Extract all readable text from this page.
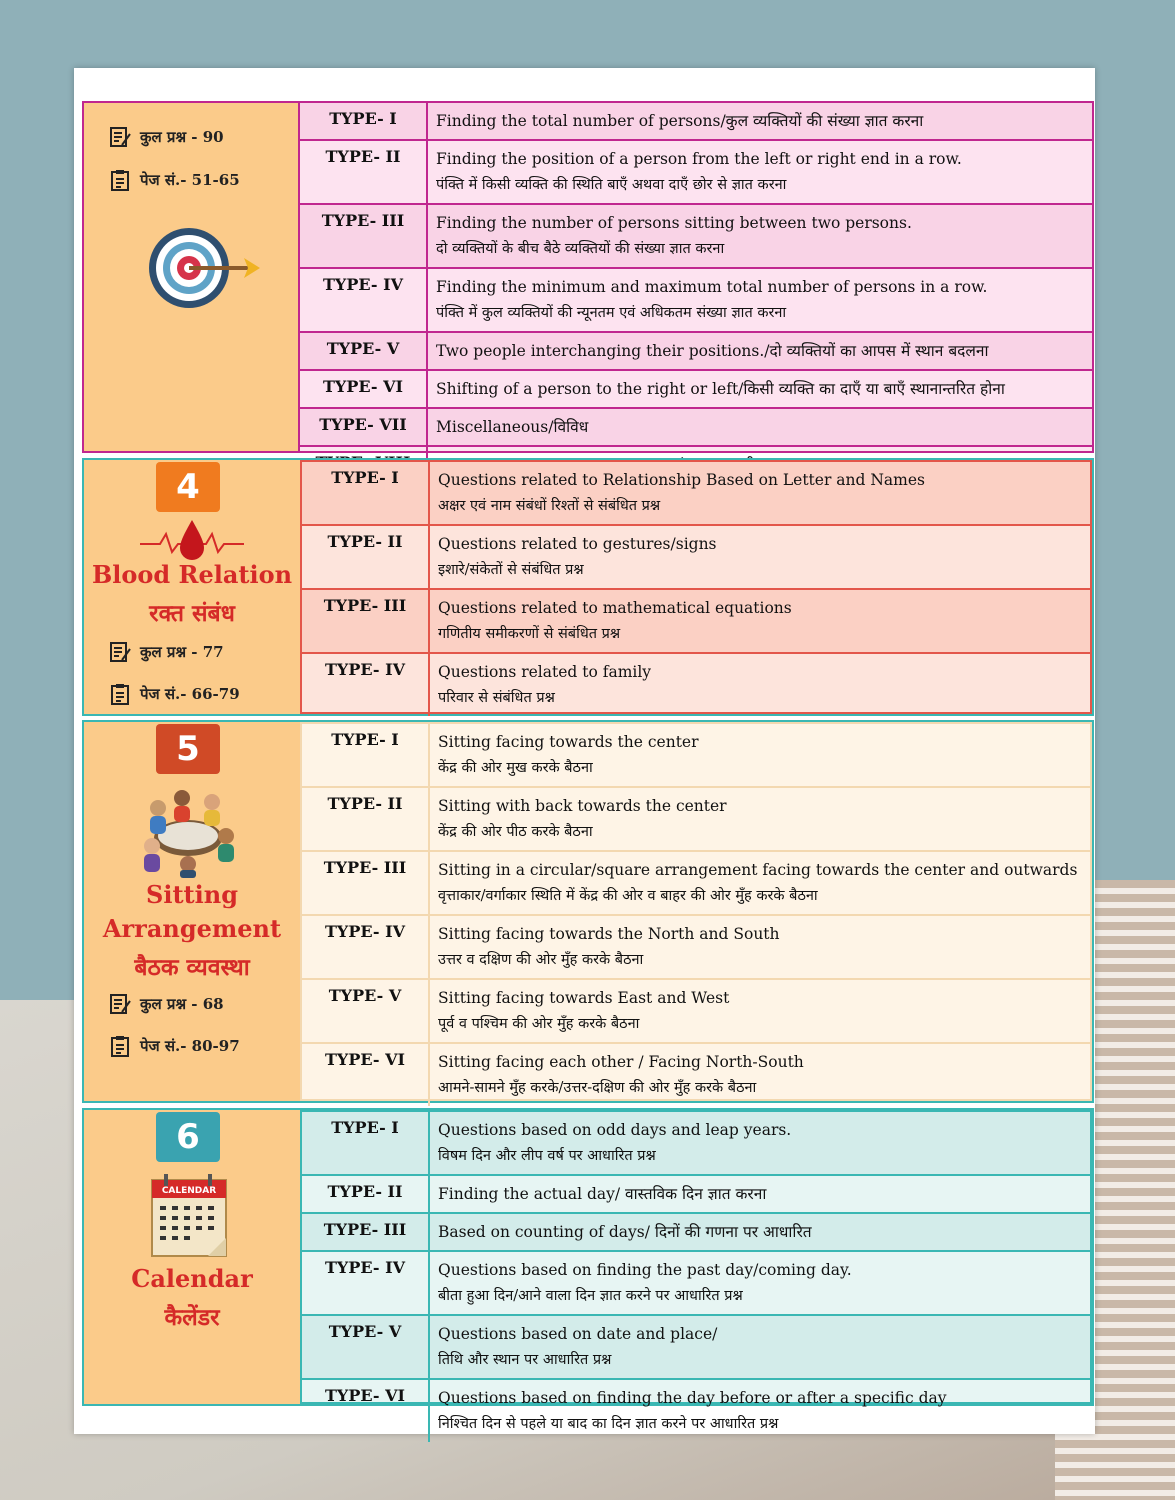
कुल प्रश्न - 90
पेज सं.- 51-65
TYPE- I	Finding the total number of persons/कुल व्यक्तियों की संख्या ज्ञात करना
TYPE- II	Finding the position of a person from the left or right end in a row.
पंक्ति में किसी व्यक्ति की स्थिति बाएँ अथवा दाएँ छोर से ज्ञात करना
TYPE- III	Finding the number of persons sitting between two persons.
दो व्यक्तियों के बीच बैठे व्यक्तियों की संख्या ज्ञात करना
TYPE- IV	Finding the minimum and maximum total number of persons in a row.
पंक्ति में कुल व्यक्तियों की न्यूनतम एवं अधिकतम संख्या ज्ञात करना
TYPE- V	Two people interchanging their positions./दो व्यक्तियों का आपस में स्थान बदलना
TYPE- VI	Shifting of a person to the right or left/किसी व्यक्ति का दाएँ या बाएँ स्थानान्तरित होना
TYPE- VII	Miscellaneous/विविध
4
Blood Relation
रक्त संबंध
कुल प्रश्न - 77
पेज सं.- 66-79
TYPE- I	Questions related to Relationship Based on Letter and Names
अक्षर एवं नाम संबंधों रिश्तों से संबंधित प्रश्न
TYPE- II	Questions related to gestures/signs
इशारे/संकेतों से संबंधित प्रश्न
TYPE- III	Questions related to mathematical equations
गणितीय समीकरणों से संबंधित प्रश्न
TYPE- IV	Questions related to family
परिवार से संबंधित प्रश्न
5
Sitting
Arrangement
बैठक व्यवस्था
कुल प्रश्न - 68
पेज सं.- 80-97
TYPE- I	Sitting facing towards the center
केंद्र की ओर मुख करके बैठना
TYPE- II	Sitting with back towards the center
केंद्र की ओर पीठ करके बैठना
TYPE- III	Sitting in a circular/square arrangement facing towards the center and outwards
वृत्ताकार/वर्गाकार स्थिति में केंद्र की ओर व बाहर की ओर मुँह करके बैठना
TYPE- IV	Sitting facing towards the North and South
उत्तर व दक्षिण की ओर मुँह करके बैठना
TYPE- V	Sitting facing towards East and West
पूर्व व पश्चिम की ओर मुँह करके बैठना
TYPE- VI	Sitting facing each other / Facing North-South
आमने-सामने मुँह करके/उत्तर-दक्षिण की ओर मुँह करके बैठना
6
CALENDAR
Calendar
कैलेंडर
TYPE- I	Questions based on odd days and leap years.
विषम दिन और लीप वर्ष पर आधारित प्रश्न
TYPE- II	Finding the actual day/ वास्तविक दिन ज्ञात करना
TYPE- III	Based on counting of days/ दिनों की गणना पर आधारित
TYPE- IV	Questions based on finding the past day/coming day.
बीता हुआ दिन/आने वाला दिन ज्ञात करने पर आधारित प्रश्न
TYPE- V	Questions based on date and place/
तिथि और स्थान पर आधारित प्रश्न
TYPE- VI	Questions based on finding the day before or after a specific day
निश्चित दिन से पहले या बाद का दिन ज्ञात करने पर आधारित प्रश्न
